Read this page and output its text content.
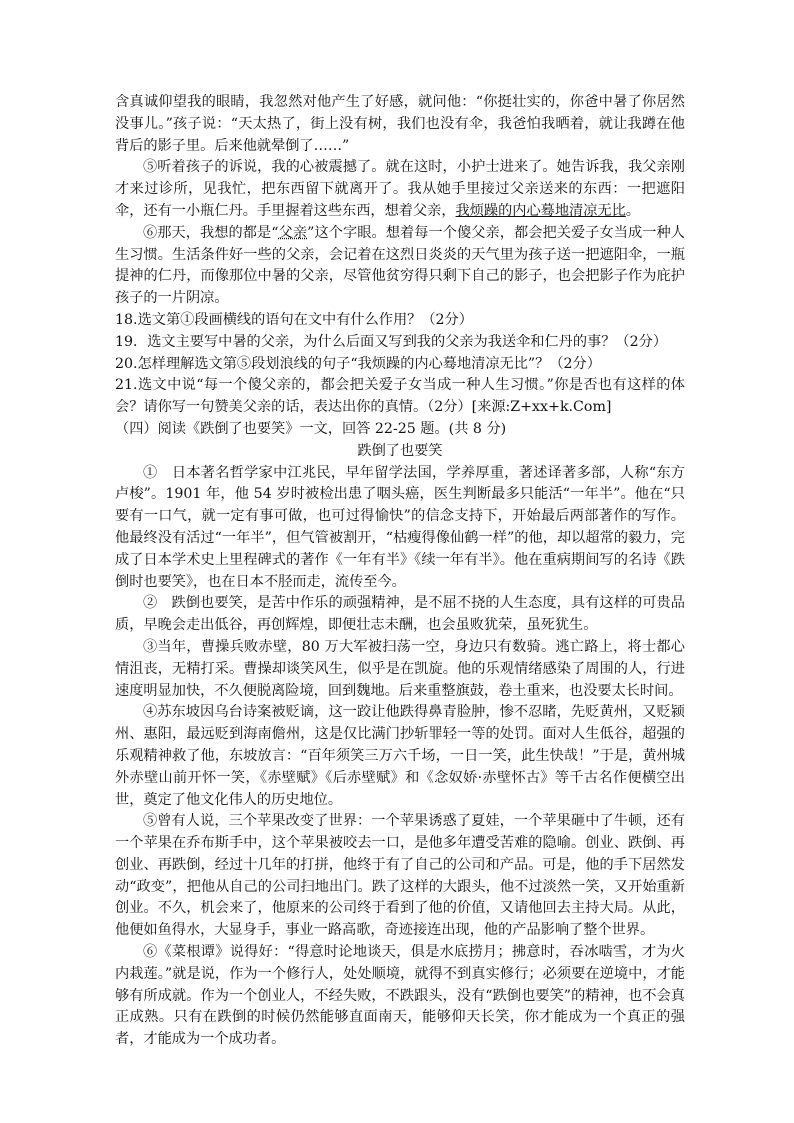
含真诚仰望我的眼睛，我忽然对他产生了好感，就问他：“你挺壮实的，你爸中暑了你居然没事儿。”孩子说：“天太热了，街上没有树，我们也没有伞，我爸怕我晒着，就让我蹲在他背后的影子里。后来他就晕倒了……”

⑤听着孩子的诉说，我的心被震撼了。就在这时，小护士进来了。她告诉我，我父亲刚才来过诊所，见我忙，把东西留下就离开了。我从她手里接过父亲送来的东西：一把遮阳伞，还有一小瓶仁丹。手里握着这些东西，想着父亲，我烦躁的内心蓦地清凉无比。

⑥那天，我想的都是“父亲”这个字眼。想着每一个傻父亲，都会把关爱子女当成一种人生习惯。生活条件好一些的父亲，会记着在这烈日炎炎的天气里为孩子送一把遮阳伞，一瓶提神的仁丹，而像那位中暑的父亲，尽管他贫穷得只剩下自己的影子，也会把影子作为庇护孩子的一片阴凉。

18.选文第①段画横线的语句在文中有什么作用？（2分）

19．选文主要写中暑的父亲，为什么后面又写到我的父亲为我送伞和仁丹的事？（2分）

20.怎样理解选文第⑤段划浪线的句子“我烦躁的内心蓦地清凉无比”？（2分）

21.选文中说“每一个傻父亲的，都会把关爱子女当成一种人生习惯。”你是否也有这样的体会？请你写一句赞美父亲的话，表达出你的真情。（2分）[来源:Z+xx+k.Com]

（四）阅读《跌倒了也要笑》一文，回答 22-25 题。(共 8 分)

跌倒了也要笑

①　日本著名哲学家中江兆民，早年留学法国，学养厚重，著述译著多部，人称“东方卢梭”。1901 年，他 54 岁时被检出患了咽头癌，医生判断最多只能活“一年半”。他在“只要有一口气，就一定有事可做，也可过得愉快”的信念支持下，开始最后两部著作的写作。他最终没有活过“一年半”，但气管被割开，“枯瘦得像仙鹤一样”的他，却以超常的毅力，完成了日本学术史上里程碑式的著作《一年有半》《续一年有半》。他在重病期间写的名诗《跌倒时也要笑》，也在日本不胫而走，流传至今。

②　跌倒也要笑，是苦中作乐的顽强精神，是不屈不挠的人生态度，具有这样的可贵品质，早晚会走出低谷，再创辉煌，即便壮志未酬，也会虽败犹荣，虽死犹生。

③当年，曹操兵败赤壁，80 万大军被扫荡一空，身边只有数骑。逃亡路上，将士都心情沮丧，无精打采。曹操却谈笑风生，似乎是在凯旋。他的乐观情绪感染了周围的人，行进速度明显加快，不久便脱离险境，回到魏地。后来重整旗鼓，卷土重来，也没要太长时间。

④苏东坡因乌台诗案被贬谪，这一跤让他跌得鼻青脸肿，惨不忍睹，先贬黄州，又贬颍州、惠阳，最远贬到海南儋州，这是仅比满门抄斩罪轻一等的处罚。面对人生低谷，超强的乐观精神救了他，东坡放言：“百年须笑三万六千场，一日一笑，此生快哉！”于是，黄州城外赤壁山前开怀一笑，《赤壁赋》《后赤壁赋》和《念奴娇·赤壁怀古》等千古名作便横空出世，奠定了他文化伟人的历史地位。

⑤曾有人说，三个苹果改变了世界：一个苹果诱惑了夏娃，一个苹果砸中了牛顿，还有一个苹果在乔布斯手中，这个苹果被咬去一口，是他多年遭受苦难的隐喻。创业、跌倒、再创业、再跌倒，经过十几年的打拼，他终于有了自己的公司和产品。可是，他的手下居然发动“政变”，把他从自己的公司扫地出门。跌了这样的大跟头，他不过淡然一笑，又开始重新创业。不久，机会来了，他原来的公司终于看到了他的价值，又请他回去主持大局。从此，他便如鱼得水，大显身手，事业一路高歌，奇迹接连出现，他的产品影响了整个世界。

⑥《菜根谭》说得好：“得意时论地谈天，俱是水底捞月；拂意时，吞冰啮雪，才为火内栽莲。”就是说，作为一个修行人，处处顺境，就得不到真实修行；必须要在逆境中，才能够有所成就。作为一个创业人，不经失败，不跌跟头，没有“跌倒也要笑”的精神，也不会真正成熟。只有在跌倒的时候仍然能够直面南天，能够仰天长笑，你才能成为一个真正的强者，才能成为一个成功者。
